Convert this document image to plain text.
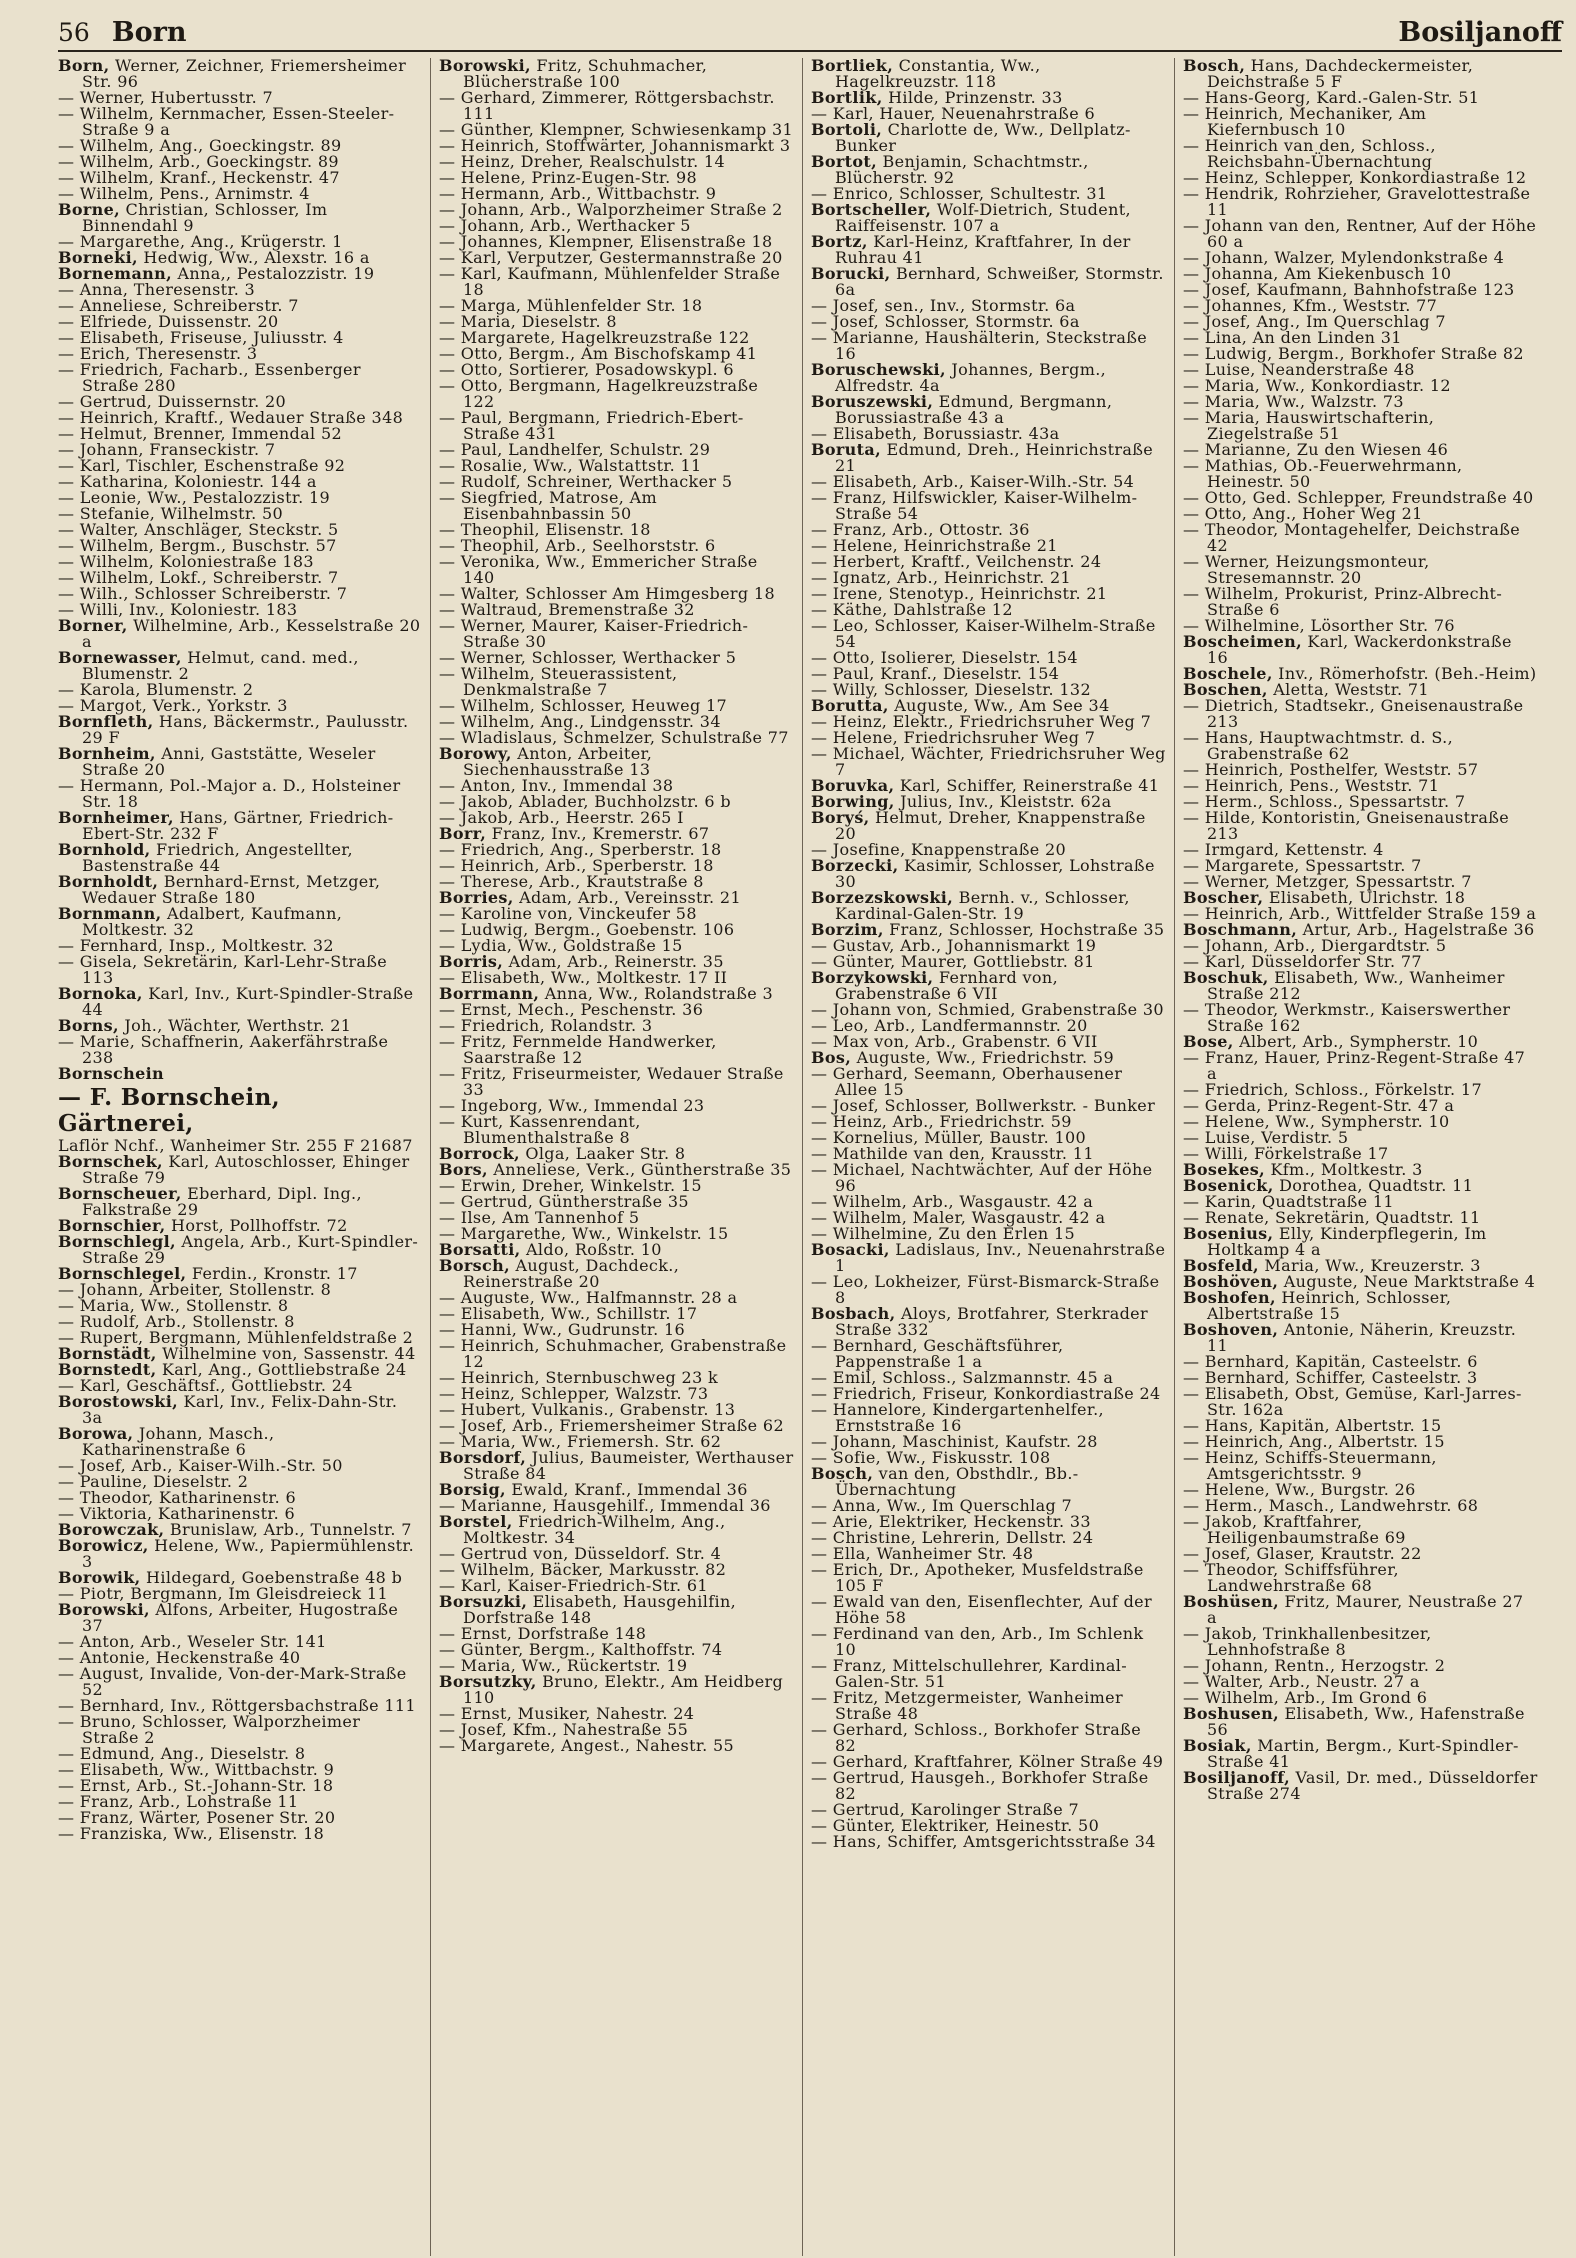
56 Born	Bosiljanoff
Born, Werner, Zeichner, Friemersheimer Str. 96
— Werner, Hubertusstr. 7
— Wilhelm, Kernmacher, Essen-Steeler-Straße 9 a
— Wilhelm, Ang., Goeckingstr. 89
— Wilhelm, Arb., Goeckingstr. 89
— Wilhelm, Kranf., Heckenstr. 47
— Wilhelm, Pens., Arnimstr. 4
Borne, Christian, Schlosser, Im Binnendahl 9
— Margarethe, Ang., Krügerstr. 1
Borneki, Hedwig, Ww., Alexstr. 16 a
Bornemann, Anna,, Pestalozzistr. 19
— Anna, Theresenstr. 3
— Anneliese, Schreiberstr. 7
— Elfriede, Duissenstr. 20
— Elisabeth, Friseuse, Juliusstr. 4
— Erich, Theresenstr. 3
— Friedrich, Facharb., Essenberger Straße 280
— Gertrud, Duissernstr. 20
— Heinrich, Kraftf., Wedauer Straße 348
— Helmut, Brenner, Immendal 52
— Johann, Franseckistr. 7
— Karl, Tischler, Eschenstraße 92
— Katharina, Koloniestr. 144 a
— Leonie, Ww., Pestalozzistr. 19
— Stefanie, Wilhelmstr. 50
— Walter, Anschläger, Steckstr. 5
— Wilhelm, Bergm., Buschstr. 57
— Wilhelm, Koloniestraße 183
— Wilhelm, Lokf., Schreiberstr. 7
— Wilh., Schlosser Schreiberstr. 7
— Willi, Inv., Koloniestr. 183
Borner, Wilhelmine, Arb., Kesselstraße 20 a
Bornewasser, Helmut, cand. med., Blumenstr. 2
— Karola, Blumenstr. 2
— Margot, Verk., Yorkstr. 3
Bornfleth, Hans, Bäckermstr., Paulusstr. 29 F
Bornheim, Anni, Gaststätte, Weseler Straße 20
— Hermann, Pol.-Major a. D., Holsteiner Str. 18
Bornheimer, Hans, Gärtner, Friedrich-Ebert-Str. 232 F
Bornhold, Friedrich, Angestellter, Bastenstraße 44
Bornholdt, Bernhard-Ernst, Metzger, Wedauer Straße 180
Bornmann, Adalbert, Kaufmann, Moltkestr. 32
— Fernhard, Insp., Moltkestr. 32
— Gisela, Sekretärin, Karl-Lehr-Straße 113
Bornoka, Karl, Inv., Kurt-Spindler-Straße 44
Borns, Joh., Wächter, Werthstr. 21
— Marie, Schaffnerin, Aakerfährstraße 238
Bornschein
— F. Bornschein, Gärtnerei,
Laflör Nchf., Wanheimer Str. 255 F 21687
Bornschek, Karl, Autoschlosser, Ehinger Straße 79
Bornscheuer, Eberhard, Dipl. Ing., Falkstraße 29
Bornschier, Horst, Pollhoffstr. 72
Bornschlegl, Angela, Arb., Kurt-Spindler-Straße 29
Bornschlegel, Ferdin., Kronstr. 17
— Johann, Arbeiter, Stollenstr. 8
— Maria, Ww., Stollenstr. 8
— Rudolf, Arb., Stollenstr. 8
— Rupert, Bergmann, Mühlenfeldstraße 2
Bornstädt, Wilhelmine von, Sassenstr. 44
Bornstedt, Karl, Ang., Gottliebstraße 24
— Karl, Geschäftsf., Gottliebstr. 24
Borostowski, Karl, Inv., Felix-Dahn-Str. 3a
Borowa, Johann, Masch., Katharinenstraße 6
— Josef, Arb., Kaiser-Wilh.-Str. 50
— Pauline, Dieselstr. 2
— Theodor, Katharinenstr. 6
— Viktoria, Katharinenstr. 6
Borowczak, Brunislaw, Arb., Tunnelstr. 7
Borowicz, Helene, Ww., Papiermühlenstr. 3
Borowik, Hildegard, Goebenstraße 48 b
— Piotr, Bergmann, Im Gleisdreieck 11
Borowski, Alfons, Arbeiter, Hugostraße 37
— Anton, Arb., Weseler Str. 141
— Antonie, Heckenstraße 40
— August, Invalide, Von-der-Mark-Straße 52
— Bernhard, Inv., Röttgersbachstraße 111
— Bruno, Schlosser, Walporzheimer Straße 2
— Edmund, Ang., Dieselstr. 8
— Elisabeth, Ww., Wittbachstr. 9
— Ernst, Arb., St.-Johann-Str. 18
— Franz, Arb., Lohstraße 11
— Franz, Wärter, Posener Str. 20
— Franziska, Ww., Elisenstr. 18
Borowski, Fritz, Schuhmacher, Blücherstraße 100
— Gerhard, Zimmerer, Röttgersbachstr. 111
— Günther, Klempner, Schwiesenkamp 31
— Heinrich, Stoffwärter, Johannismarkt 3
— Heinz, Dreher, Realschulstr. 14
— Helene, Prinz-Eugen-Str. 98
— Hermann, Arb., Wittbachstr. 9
— Johann, Arb., Walporzheimer Straße 2
— Johann, Arb., Werthacker 5
— Johannes, Klempner, Elisenstraße 18
— Karl, Verputzer, Gestermannstraße 20
— Karl, Kaufmann, Mühlenfelder Straße 18
— Marga, Mühlenfelder Str. 18
— Maria, Dieselstr. 8
— Margarete, Hagelkreuzstraße 122
— Otto, Bergm., Am Bischofskamp 41
— Otto, Sortierer, Posadowskypl. 6
— Otto, Bergmann, Hagelkreuzstraße 122
— Paul, Bergmann, Friedrich-Ebert-Straße 431
— Paul, Landhelfer, Schulstr. 29
— Rosalie, Ww., Walstattstr. 11
— Rudolf, Schreiner, Werthacker 5
— Siegfried, Matrose, Am Eisenbahnbassin 50
— Theophil, Elisenstr. 18
— Theophil, Arb., Seelhorststr. 6
— Veronika, Ww., Emmericher Straße 140
— Walter, Schlosser Am Himgesberg 18
— Waltraud, Bremenstraße 32
— Werner, Maurer, Kaiser-Friedrich-Straße 30
— Werner, Schlosser, Werthacker 5
— Wilhelm, Steuerassistent, Denkmalstraße 7
— Wilhelm, Schlosser, Heuweg 17
— Wilhelm, Ang., Lindgensstr. 34
— Wladislaus, Schmelzer, Schulstraße 77
Borowy, Anton, Arbeiter, Siechenhausstraße 13
— Anton, Inv., Immendal 38
— Jakob, Ablader, Buchholzstr. 6 b
— Jakob, Arb., Heerstr. 265 I
Borr, Franz, Inv., Kremerstr. 67
— Friedrich, Ang., Sperberstr. 18
— Heinrich, Arb., Sperberstr. 18
— Therese, Arb., Krautstraße 8
Borries, Adam, Arb., Vereinsstr. 21
— Karoline von, Vinckeufer 58
— Ludwig, Bergm., Goebenstr. 106
— Lydia, Ww., Goldstraße 15
Borris, Adam, Arb., Reinerstr. 35
— Elisabeth, Ww., Moltkestr. 17 II
Borrmann, Anna, Ww., Rolandstraße 3
— Ernst, Mech., Peschenstr. 36
— Friedrich, Rolandstr. 3
— Fritz, Fernmelde Handwerker, Saarstraße 12
— Fritz, Friseurmeister, Wedauer Straße 33
— Ingeborg, Ww., Immendal 23
— Kurt, Kassenrendant, Blumenthalstraße 8
Borrock, Olga, Laaker Str. 8
Bors, Anneliese, Verk., Güntherstraße 35
— Erwin, Dreher, Winkelstr. 15
— Gertrud, Güntherstraße 35
— Ilse, Am Tannenhof 5
— Margarethe, Ww., Winkelstr. 15
Borsatti, Aldo, Roßstr. 10
Borsch, August, Dachdeck., Reinerstraße 20
— Auguste, Ww., Halfmannstr. 28 a
— Elisabeth, Ww., Schillstr. 17
— Hanni, Ww., Gudrunstr. 16
— Heinrich, Schuhmacher, Grabenstraße 12
— Heinrich, Sternbuschweg 23 k
— Heinz, Schlepper, Walzstr. 73
— Hubert, Vulkanis., Grabenstr. 13
— Josef, Arb., Friemersheimer Straße 62
— Maria, Ww., Friemersh. Str. 62
Borsdorf, Julius, Baumeister, Werthauser Straße 84
Borsig, Ewald, Kranf., Immendal 36
— Marianne, Hausgehilf., Immendal 36
Borstel, Friedrich-Wilhelm, Ang., Moltkestr. 34
— Gertrud von, Düsseldorf. Str. 4
— Wilhelm, Bäcker, Markusstr. 82
— Karl, Kaiser-Friedrich-Str. 61
Borsuzki, Elisabeth, Hausgehilfin, Dorfstraße 148
— Ernst, Dorfstraße 148
— Günter, Bergm., Kalthoffstr. 74
— Maria, Ww., Rückertstr. 19
Borsutzky, Bruno, Elektr., Am Heidberg 110
— Ernst, Musiker, Nahestr. 24
— Josef, Kfm., Nahestraße 55
— Margarete, Angest., Nahestr. 55
Bortliek, Constantia, Ww., Hagelkreuzstr. 118
Bortlik, Hilde, Prinzenstr. 33
— Karl, Hauer, Neuenahrstraße 6
Bortoli, Charlotte de, Ww., Dellplatz-Bunker
Bortot, Benjamin, Schachtmstr., Blücherstr. 92
— Enrico, Schlosser, Schultestr. 31
Bortscheller, Wolf-Dietrich, Student, Raiffeisenstr. 107 a
Bortz, Karl-Heinz, Kraftfahrer, In der Ruhrau 41
Borucki, Bernhard, Schweißer, Stormstr. 6a
— Josef, sen., Inv., Stormstr. 6a
— Josef, Schlosser, Stormstr. 6a
— Marianne, Haushälterin, Steckstraße 16
Boruschewski, Johannes, Bergm., Alfredstr. 4a
Boruszewski, Edmund, Bergmann, Borussiastraße 43 a
— Elisabeth, Borussiastr. 43a
Boruta, Edmund, Dreh., Heinrichstraße 21
— Elisabeth, Arb., Kaiser-Wilh.-Str. 54
— Franz, Hilfswickler, Kaiser-Wilhelm-Straße 54
— Franz, Arb., Ottostr. 36
— Helene, Heinrichstraße 21
— Herbert, Kraftf., Veilchenstr. 24
— Ignatz, Arb., Heinrichstr. 21
— Irene, Stenotyp., Heinrichstr. 21
— Käthe, Dahlstraße 12
— Leo, Schlosser, Kaiser-Wilhelm-Straße 54
— Otto, Isolierer, Dieselstr. 154
— Paul, Kranf., Dieselstr. 154
— Willy, Schlosser, Dieselstr. 132
Borutta, Auguste, Ww., Am See 34
— Heinz, Elektr., Friedrichsruher Weg 7
— Helene, Friedrichsruher Weg 7
— Michael, Wächter, Friedrichsruher Weg 7
Boruvka, Karl, Schiffer, Reinerstraße 41
Borwing, Julius, Inv., Kleiststr. 62a
Boryś, Helmut, Dreher, Knappenstraße 20
— Josefine, Knappenstraße 20
Borzecki, Kasimir, Schlosser, Lohstraße 30
Borzezskowski, Bernh. v., Schlosser, Kardinal-Galen-Str. 19
Borzim, Franz, Schlosser, Hochstraße 35
— Gustav, Arb., Johannismarkt 19
— Günter, Maurer, Gottliebstr. 81
Borzykowski, Fernhard von, Grabenstraße 6 VII
— Johann von, Schmied, Grabenstraße 30
— Leo, Arb., Landfermannstr. 20
— Max von, Arb., Grabenstr. 6 VII
Bos, Auguste, Ww., Friedrichstr. 59
— Gerhard, Seemann, Oberhausener Allee 15
— Josef, Schlosser, Bollwerkstr. - Bunker
— Heinz, Arb., Friedrichstr. 59
— Kornelius, Müller, Baustr. 100
— Mathilde van den, Krausstr. 11
— Michael, Nachtwächter, Auf der Höhe 96
— Wilhelm, Arb., Wasgaustr. 42 a
— Wilhelm, Maler, Wasgaustr. 42 a
— Wilhelmine, Zu den Erlen 15
Bosacki, Ladislaus, Inv., Neuenahrstraße 1
— Leo, Lokheizer, Fürst-Bismarck-Straße 8
Bosbach, Aloys, Brotfahrer, Sterkrader Straße 332
— Bernhard, Geschäftsführer, Pappenstraße 1 a
— Emil, Schloss., Salzmannstr. 45 a
— Friedrich, Friseur, Konkordiastraße 24
— Hannelore, Kindergartenhelfer., Ernststraße 16
— Johann, Maschinist, Kaufstr. 28
— Sofie, Ww., Fiskusstr. 108
Bosch, van den, Obsthdlr., Bb.-Übernachtung
— Anna, Ww., Im Querschlag 7
— Arie, Elektriker, Heckenstr. 33
— Christine, Lehrerin, Dellstr. 24
— Ella, Wanheimer Str. 48
— Erich, Dr., Apotheker, Musfeldstraße 105 F
— Ewald van den, Eisenflechter, Auf der Höhe 58
— Ferdinand van den, Arb., Im Schlenk 10
— Franz, Mittelschullehrer, Kardinal-Galen-Str. 51
— Fritz, Metzgermeister, Wanheimer Straße 48
— Gerhard, Schloss., Borkhofer Straße 82
— Gerhard, Kraftfahrer, Kölner Straße 49
— Gertrud, Hausgeh., Borkhofer Straße 82
— Gertrud, Karolinger Straße 7
— Günter, Elektriker, Heinestr. 50
— Hans, Schiffer, Amtsgerichtsstraße 34
Bosch, Hans, Dachdeckermeister, Deichstraße 5 F
— Hans-Georg, Kard.-Galen-Str. 51
— Heinrich, Mechaniker, Am Kiefernbusch 10
— Heinrich van den, Schloss., Reichsbahn-Übernachtung
— Heinz, Schlepper, Konkordiastraße 12
— Hendrik, Rohrzieher, Gravelottestraße 11
— Johann van den, Rentner, Auf der Höhe 60 a
— Johann, Walzer, Mylendonkstraße 4
— Johanna, Am Kiekenbusch 10
— Josef, Kaufmann, Bahnhofstraße 123
— Johannes, Kfm., Weststr. 77
— Josef, Ang., Im Querschlag 7
— Lina, An den Linden 31
— Ludwig, Bergm., Borkhofer Straße 82
— Luise, Neanderstraße 48
— Maria, Ww., Konkordiastr. 12
— Maria, Ww., Walzstr. 73
— Maria, Hauswirtschafterin, Ziegelstraße 51
— Marianne, Zu den Wiesen 46
— Mathias, Ob.-Feuerwehrmann, Heinestr. 50
— Otto, Ged. Schlepper, Freundstraße 40
— Otto, Ang., Hoher Weg 21
— Theodor, Montagehelfer, Deichstraße 42
— Werner, Heizungsmonteur, Stresemannstr. 20
— Wilhelm, Prokurist, Prinz-Albrecht-Straße 6
— Wilhelmine, Lösorther Str. 76
Boscheimen, Karl, Wackerdonkstraße 16
Boschele, Inv., Römerhofstr. (Beh.-Heim)
Boschen, Aletta, Weststr. 71
— Dietrich, Stadtsekr., Gneisenaustraße 213
— Hans, Hauptwachtmstr. d. S., Grabenstraße 62
— Heinrich, Posthelfer, Weststr. 57
— Heinrich, Pens., Weststr. 71
— Herm., Schloss., Spessartstr. 7
— Hilde, Kontoristin, Gneisenaustraße 213
— Irmgard, Kettenstr. 4
— Margarete, Spessartstr. 7
— Werner, Metzger, Spessartstr. 7
Boscher, Elisabeth, Ulrichstr. 18
— Heinrich, Arb., Wittfelder Straße 159 a
Boschmann, Artur, Arb., Hagelstraße 36
— Johann, Arb., Diergardtstr. 5
— Karl, Düsseldorfer Str. 77
Boschuk, Elisabeth, Ww., Wanheimer Straße 212
— Theodor, Werkmstr., Kaiserswerther Straße 162
Bose, Albert, Arb., Sympherstr. 10
— Franz, Hauer, Prinz-Regent-Straße 47 a
— Friedrich, Schloss., Förkelstr. 17
— Gerda, Prinz-Regent-Str. 47 a
— Helene, Ww., Sympherstr. 10
— Luise, Verdistr. 5
— Willi, Förkelstraße 17
Bosekes, Kfm., Moltkestr. 3
Bosenick, Dorothea, Quadtstr. 11
— Karin, Quadtstraße 11
— Renate, Sekretärin, Quadtstr. 11
Bosenius, Elly, Kinderpflegerin, Im Holtkamp 4 a
Bosfeld, Maria, Ww., Kreuzerstr. 3
Boshöven, Auguste, Neue Marktstraße 4
Boshofen, Heinrich, Schlosser, Albertstraße 15
Boshoven, Antonie, Näherin, Kreuzstr. 11
— Bernhard, Kapitän, Casteelstr. 6
— Bernhard, Schiffer, Casteelstr. 3
— Elisabeth, Obst, Gemüse, Karl-Jarres-Str. 162a
— Hans, Kapitän, Albertstr. 15
— Heinrich, Ang., Albertstr. 15
— Heinz, Schiffs-Steuermann, Amtsgerichtsstr. 9
— Helene, Ww., Burgstr. 26
— Herm., Masch., Landwehrstr. 68
— Jakob, Kraftfahrer, Heiligenbaumstraße 69
— Josef, Glaser, Krautstr. 22
— Theodor, Schiffsführer, Landwehrstraße 68
Boshüsen, Fritz, Maurer, Neustraße 27 a
— Jakob, Trinkhallenbesitzer, Lehnhofstraße 8
— Johann, Rentn., Herzogstr. 2
— Walter, Arb., Neustr. 27 a
— Wilhelm, Arb., Im Grond 6
Boshusen, Elisabeth, Ww., Hafenstraße 56
Bosiak, Martin, Bergm., Kurt-Spindler-Straße 41
Bosiljanoff, Vasil, Dr. med., Düsseldorfer Straße 274
